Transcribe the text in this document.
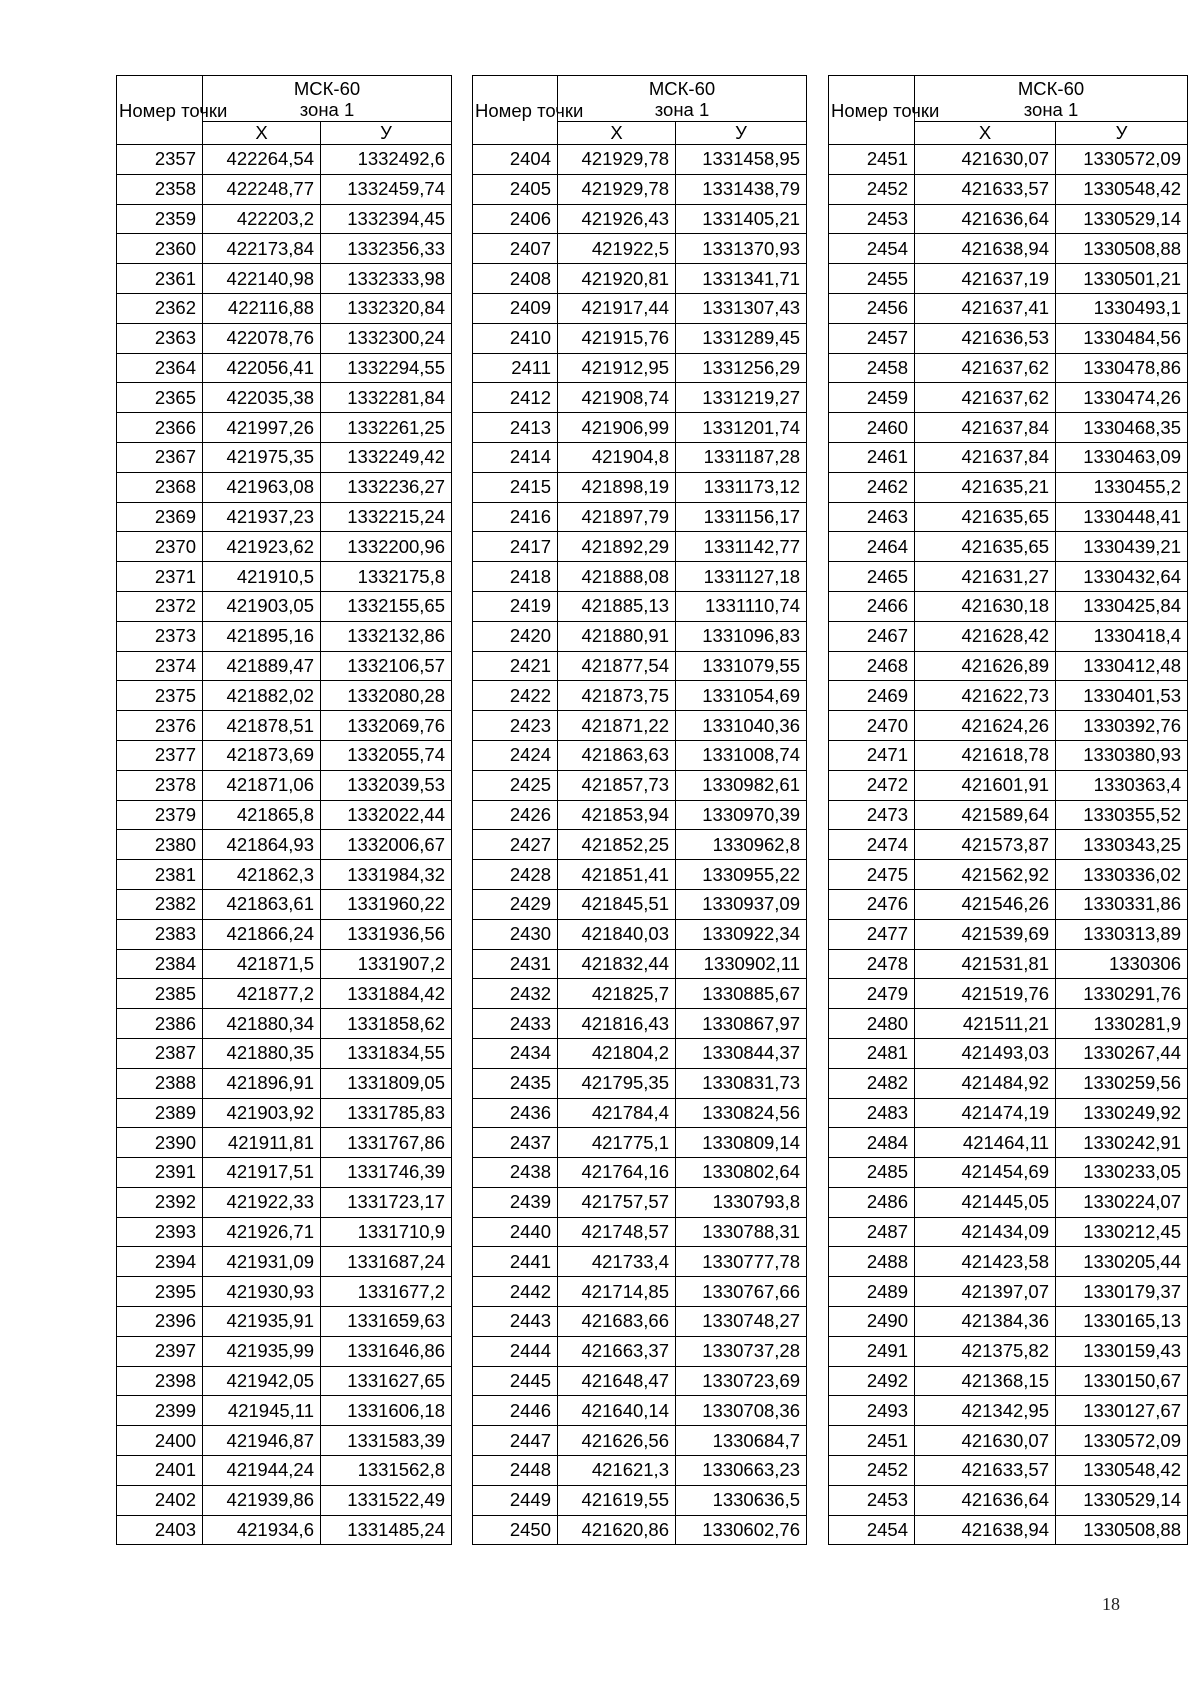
Номер точки	МСК-60
зона 1	

	Х	У
2357	422264,54	1332492,6
2358	422248,77	1332459,74
2359	422203,2	1332394,45
2360	422173,84	1332356,33
2361	422140,98	1332333,98
2362	422116,88	1332320,84
2363	422078,76	1332300,24
2364	422056,41	1332294,55
2365	422035,38	1332281,84
2366	421997,26	1332261,25
2367	421975,35	1332249,42
2368	421963,08	1332236,27
2369	421937,23	1332215,24
2370	421923,62	1332200,96
2371	421910,5	1332175,8
2372	421903,05	1332155,65
2373	421895,16	1332132,86
2374	421889,47	1332106,57
2375	421882,02	1332080,28
2376	421878,51	1332069,76
2377	421873,69	1332055,74
2378	421871,06	1332039,53
2379	421865,8	1332022,44
2380	421864,93	1332006,67
2381	421862,3	1331984,32
2382	421863,61	1331960,22
2383	421866,24	1331936,56
2384	421871,5	1331907,2
2385	421877,2	1331884,42
2386	421880,34	1331858,62
2387	421880,35	1331834,55
2388	421896,91	1331809,05
2389	421903,92	1331785,83
2390	421911,81	1331767,86
2391	421917,51	1331746,39
2392	421922,33	1331723,17
2393	421926,71	1331710,9
2394	421931,09	1331687,24
2395	421930,93	1331677,2
2396	421935,91	1331659,63
2397	421935,99	1331646,86
2398	421942,05	1331627,65
2399	421945,11	1331606,18
2400	421946,87	1331583,39
2401	421944,24	1331562,8
2402	421939,86	1331522,49
2403	421934,6	1331485,24
Номер точки	МСК-60
зона 1	

	Х	У
2404	421929,78	1331458,95
2405	421929,78	1331438,79
2406	421926,43	1331405,21
2407	421922,5	1331370,93
2408	421920,81	1331341,71
2409	421917,44	1331307,43
2410	421915,76	1331289,45
2411	421912,95	1331256,29
2412	421908,74	1331219,27
2413	421906,99	1331201,74
2414	421904,8	1331187,28
2415	421898,19	1331173,12
2416	421897,79	1331156,17
2417	421892,29	1331142,77
2418	421888,08	1331127,18
2419	421885,13	1331110,74
2420	421880,91	1331096,83
2421	421877,54	1331079,55
2422	421873,75	1331054,69
2423	421871,22	1331040,36
2424	421863,63	1331008,74
2425	421857,73	1330982,61
2426	421853,94	1330970,39
2427	421852,25	1330962,8
2428	421851,41	1330955,22
2429	421845,51	1330937,09
2430	421840,03	1330922,34
2431	421832,44	1330902,11
2432	421825,7	1330885,67
2433	421816,43	1330867,97
2434	421804,2	1330844,37
2435	421795,35	1330831,73
2436	421784,4	1330824,56
2437	421775,1	1330809,14
2438	421764,16	1330802,64
2439	421757,57	1330793,8
2440	421748,57	1330788,31
2441	421733,4	1330777,78
2442	421714,85	1330767,66
2443	421683,66	1330748,27
2444	421663,37	1330737,28
2445	421648,47	1330723,69
2446	421640,14	1330708,36
2447	421626,56	1330684,7
2448	421621,3	1330663,23
2449	421619,55	1330636,5
2450	421620,86	1330602,76
Номер точки	МСК-60
зона 1	

	Х	У
2451	421630,07	1330572,09
2452	421633,57	1330548,42
2453	421636,64	1330529,14
2454	421638,94	1330508,88
2455	421637,19	1330501,21
2456	421637,41	1330493,1
2457	421636,53	1330484,56
2458	421637,62	1330478,86
2459	421637,62	1330474,26
2460	421637,84	1330468,35
2461	421637,84	1330463,09
2462	421635,21	1330455,2
2463	421635,65	1330448,41
2464	421635,65	1330439,21
2465	421631,27	1330432,64
2466	421630,18	1330425,84
2467	421628,42	1330418,4
2468	421626,89	1330412,48
2469	421622,73	1330401,53
2470	421624,26	1330392,76
2471	421618,78	1330380,93
2472	421601,91	1330363,4
2473	421589,64	1330355,52
2474	421573,87	1330343,25
2475	421562,92	1330336,02
2476	421546,26	1330331,86
2477	421539,69	1330313,89
2478	421531,81	1330306
2479	421519,76	1330291,76
2480	421511,21	1330281,9
2481	421493,03	1330267,44
2482	421484,92	1330259,56
2483	421474,19	1330249,92
2484	421464,11	1330242,91
2485	421454,69	1330233,05
2486	421445,05	1330224,07
2487	421434,09	1330212,45
2488	421423,58	1330205,44
2489	421397,07	1330179,37
2490	421384,36	1330165,13
2491	421375,82	1330159,43
2492	421368,15	1330150,67
2493	421342,95	1330127,67
2451	421630,07	1330572,09
2452	421633,57	1330548,42
2453	421636,64	1330529,14
2454	421638,94	1330508,88
18
